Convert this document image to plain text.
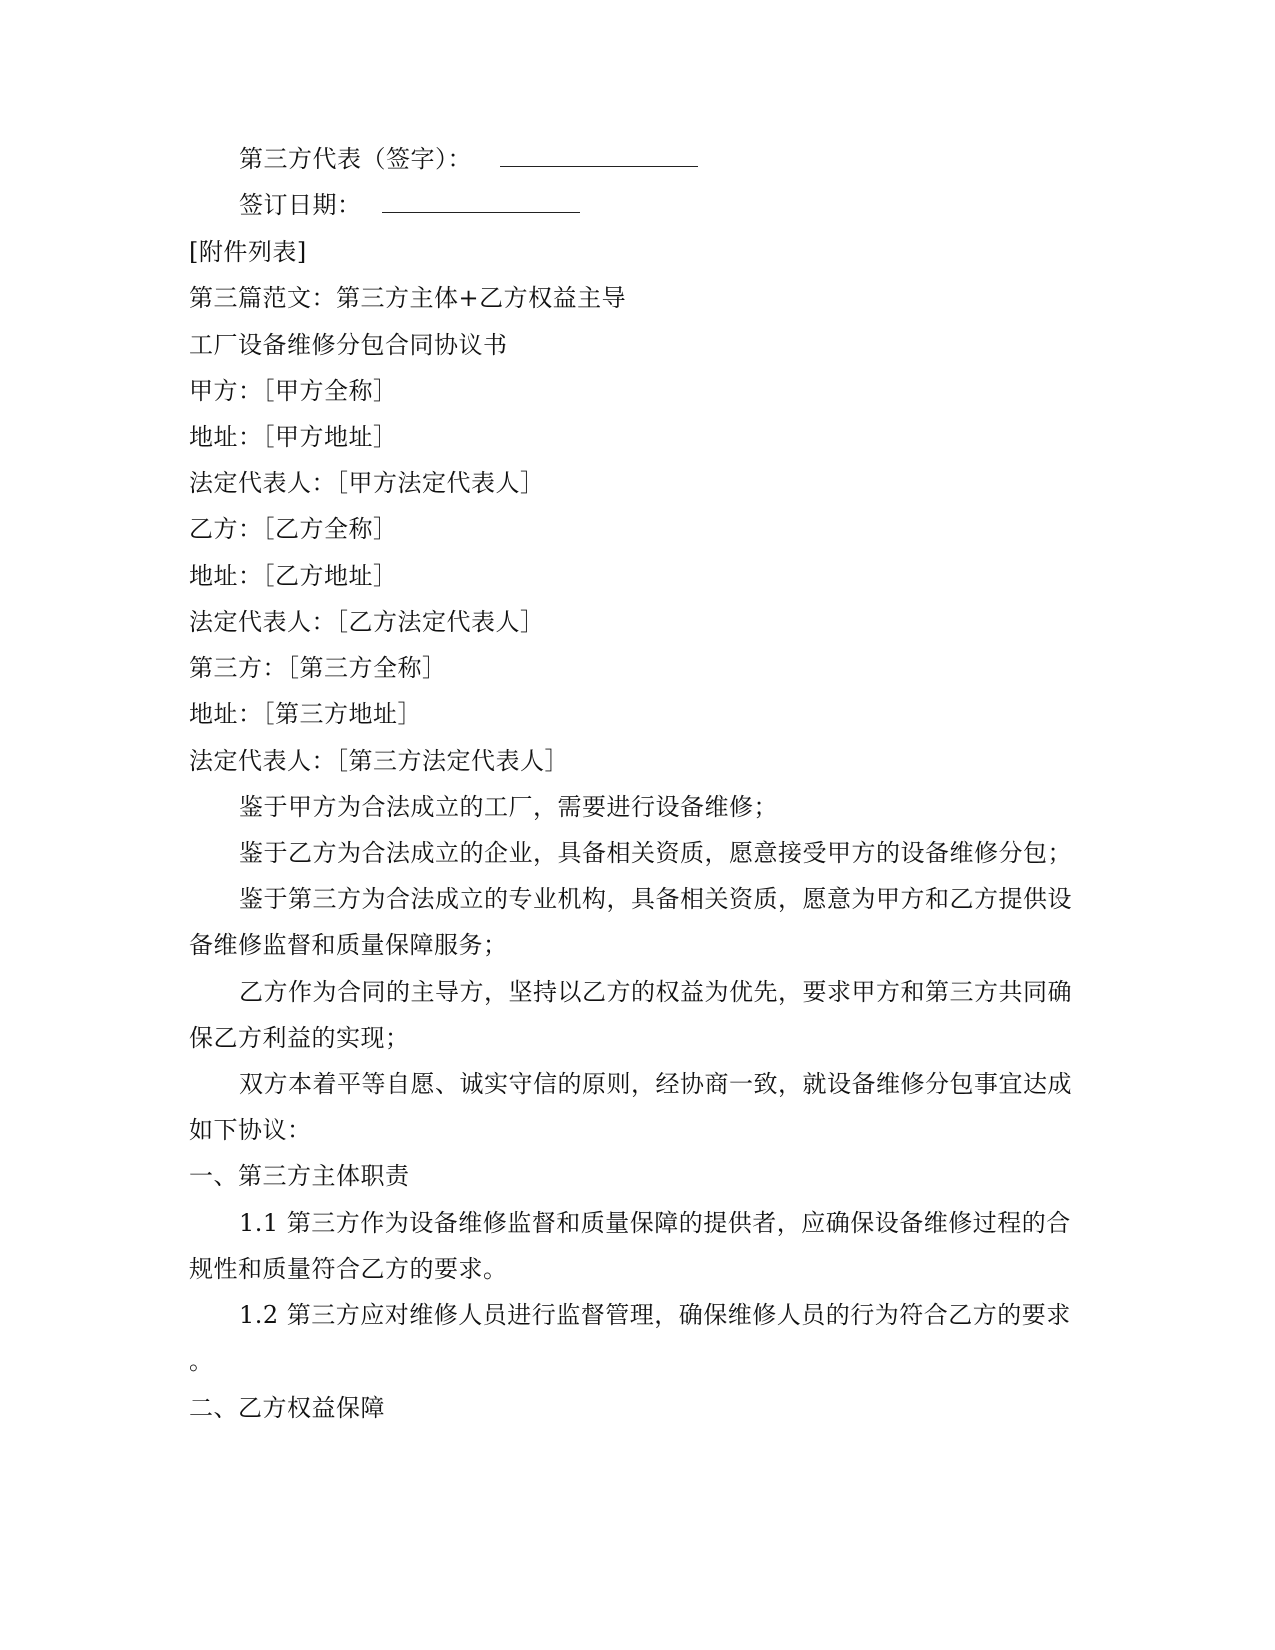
第三方代表（签字）：
签订日期：
[附件列表]
第三篇范文：第三方主体+乙方权益主导
工厂设备维修分包合同协议书
甲方：［甲方全称］
地址：［甲方地址］
法定代表人：［甲方法定代表人］
乙方：［乙方全称］
地址：［乙方地址］
法定代表人：［乙方法定代表人］
第三方：［第三方全称］
地址：［第三方地址］
法定代表人：［第三方法定代表人］
鉴于甲方为合法成立的工厂，需要进行设备维修；
鉴于乙方为合法成立的企业，具备相关资质，愿意接受甲方的设备维修分包；
鉴于第三方为合法成立的专业机构，具备相关资质，愿意为甲方和乙方提供设
备维修监督和质量保障服务；
乙方作为合同的主导方，坚持以乙方的权益为优先，要求甲方和第三方共同确
保乙方利益的实现；
双方本着平等自愿、诚实守信的原则，经协商一致，就设备维修分包事宜达成
如下协议：
一、第三方主体职责
1.1 第三方作为设备维修监督和质量保障的提供者，应确保设备维修过程的合
规性和质量符合乙方的要求。
1.2 第三方应对维修人员进行监督管理，确保维修人员的行为符合乙方的要求
。
二、乙方权益保障
